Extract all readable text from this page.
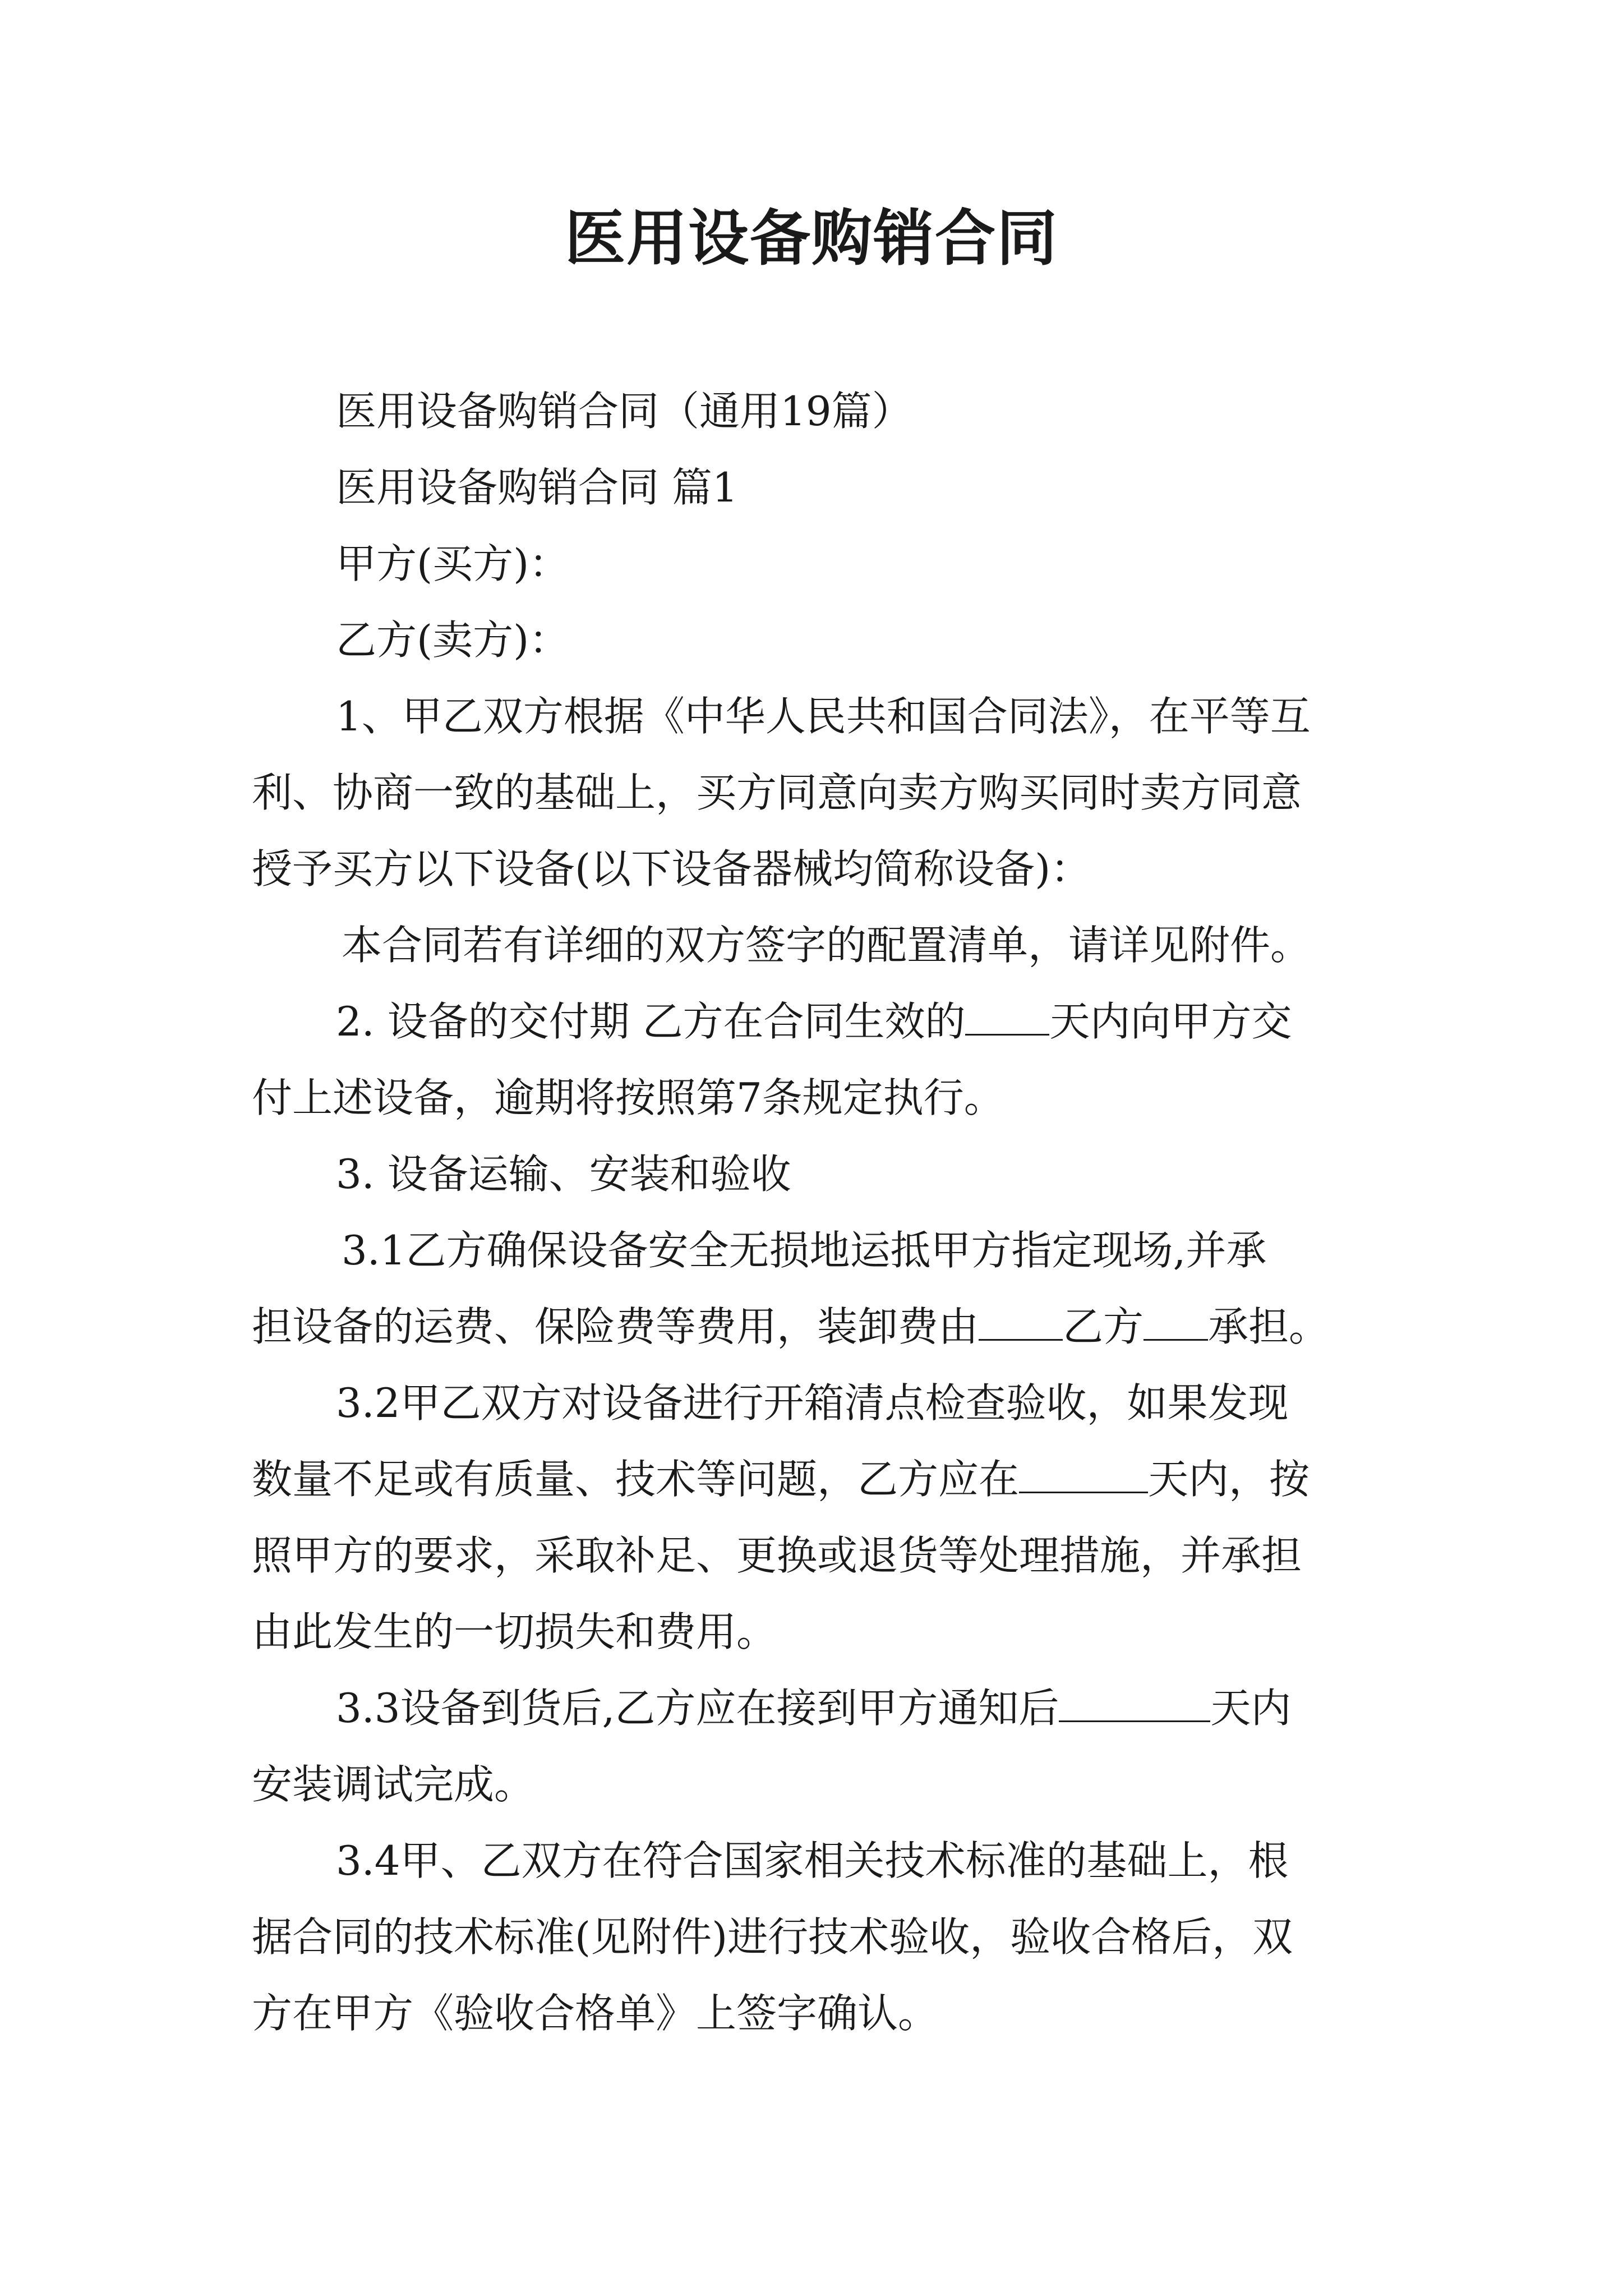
医用设备购销合同

医用设备购销合同（通用19篇）

医用设备购销合同 篇1

甲方(买方)：

乙方(卖方)：

1、甲乙双方根据《中华人民共和国合同法》，在平等互

利、协商一致的基础上，买方同意向卖方购买同时卖方同意

授予买方以下设备(以下设备器械均简称设备)：

本合同若有详细的双方签字的配置清单，请详见附件。

2. 设备的交付期 乙方在合同生效的 天内向甲方交

付上述设备，逾期将按照第7条规定执行。

3. 设备运输、安装和验收

3.1乙方确保设备安全无损地运抵甲方指定现场,并承

担设备的运费、保险费等费用，装卸费由 乙方 承担。

3.2甲乙双方对设备进行开箱清点检查验收，如果发现

数量不足或有质量、技术等问题，乙方应在	天内，按

照甲方的要求，采取补足、更换或退货等处理措施，并承担

由此发生的一切损失和费用。

3.3设备到货后,乙方应在接到甲方通知后	天内

安装调试完成。

3.4甲、乙双方在符合国家相关技术标准的基础上，根

据合同的技术标准(见附件)进行技术验收，验收合格后，双

方在甲方《验收合格单》上签字确认。
